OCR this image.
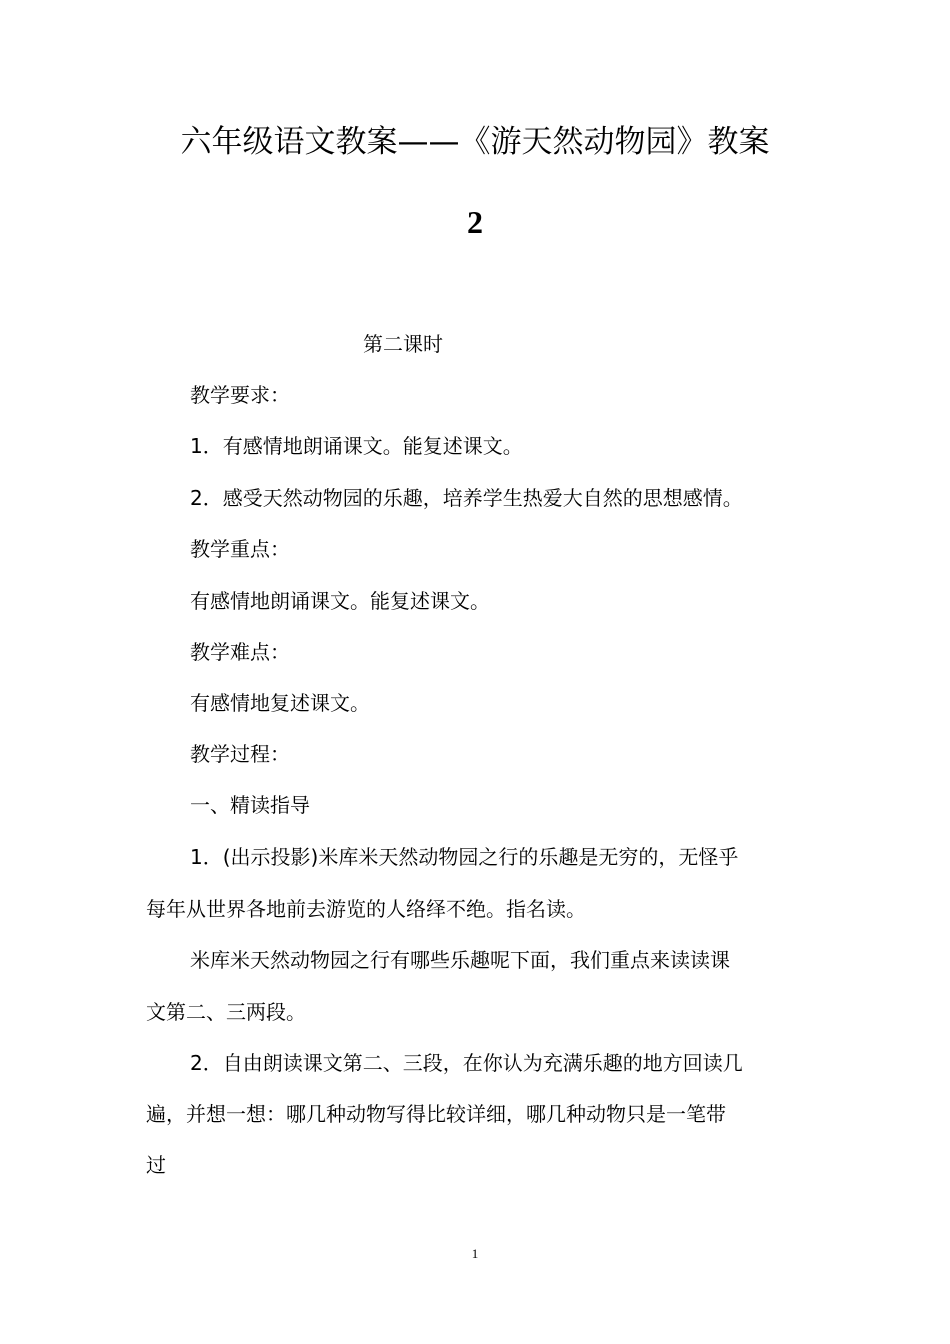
六年级语文教案——《游天然动物园》教案
2
第二课时
教学要求：
1．有感情地朗诵课文。能复述课文。
2．感受天然动物园的乐趣，培养学生热爱大自然的思想感情。
教学重点：
有感情地朗诵课文。能复述课文。
教学难点：
有感情地复述课文。
教学过程：
一、精读指导
1．(出示投影)米库米天然动物园之行的乐趣是无穷的，无怪乎
每年从世界各地前去游览的人络绎不绝。指名读。
米库米天然动物园之行有哪些乐趣呢下面，我们重点来读读课
文第二、三两段。
2．自由朗读课文第二、三段，在你认为充满乐趣的地方回读几
遍，并想一想：哪几种动物写得比较详细，哪几种动物只是一笔带
过
1
